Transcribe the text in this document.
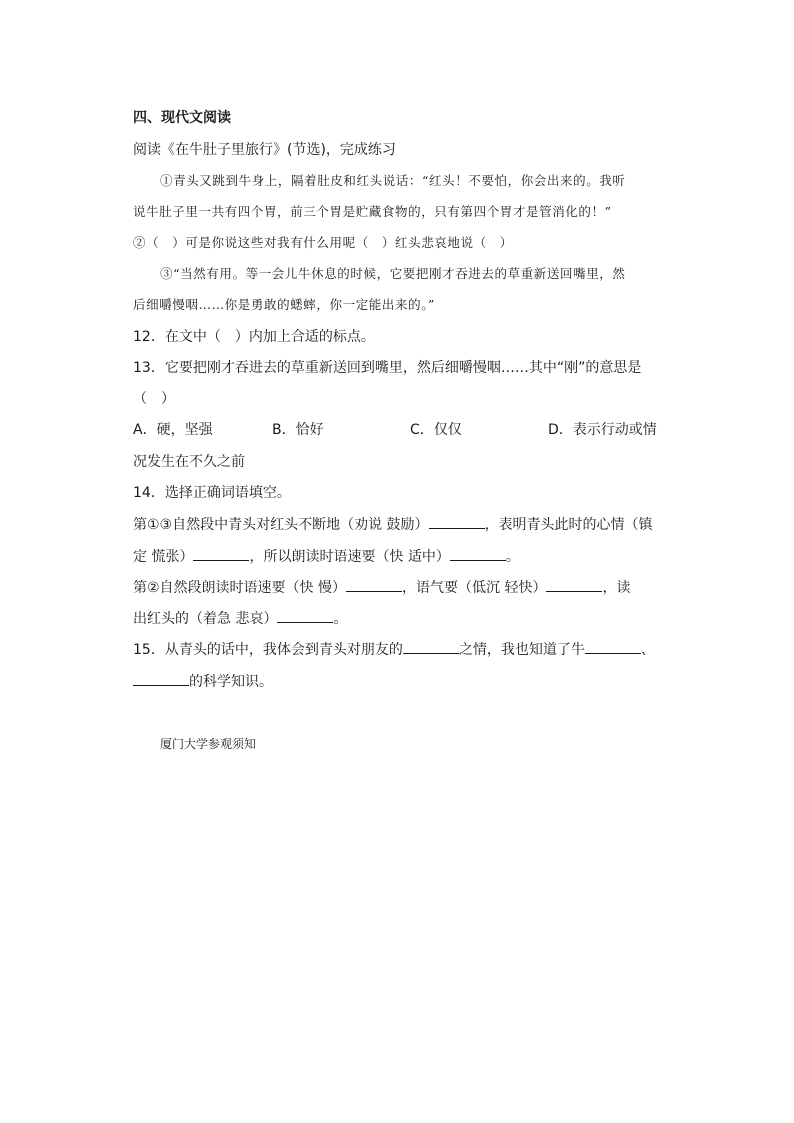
四、现代文阅读
阅读《在牛肚子里旅行》(节选)，完成练习
①青头又跳到牛身上，隔着肚皮和红头说话：“红头！不要怕，你会出来的。我听
说牛肚子里一共有四个胃，前三个胃是贮藏食物的，只有第四个胃才是管消化的！”
②（　）可是你说这些对我有什么用呢（　）红头悲哀地说（　）
③“当然有用。等一会儿牛休息的时候，它要把刚才吞进去的草重新送回嘴里，然
后细嚼慢咽……你是勇敢的蟋蟀，你一定能出来的。”
12．在文中（　）内加上合适的标点。
13．它要把刚才吞进去的草重新送回到嘴里，然后细嚼慢咽……其中“刚”的意思是
（　）
A．硬，坚强	B．恰好	C．仅仅	D．表示行动或情
况发生在不久之前
14．选择正确词语填空。
第①③自然段中青头对红头不断地（劝说 鼓励）	，表明青头此时的心情（镇
定 慌张）	，所以朗读时语速要（快 适中）	。
第②自然段朗读时语速要（快 慢）	，语气要（低沉 轻快）	，读
出红头的（着急 悲哀）	。
15．从青头的话中，我体会到青头对朋友的	之情，我也知道了牛	、
的科学知识。
厦门大学参观须知
